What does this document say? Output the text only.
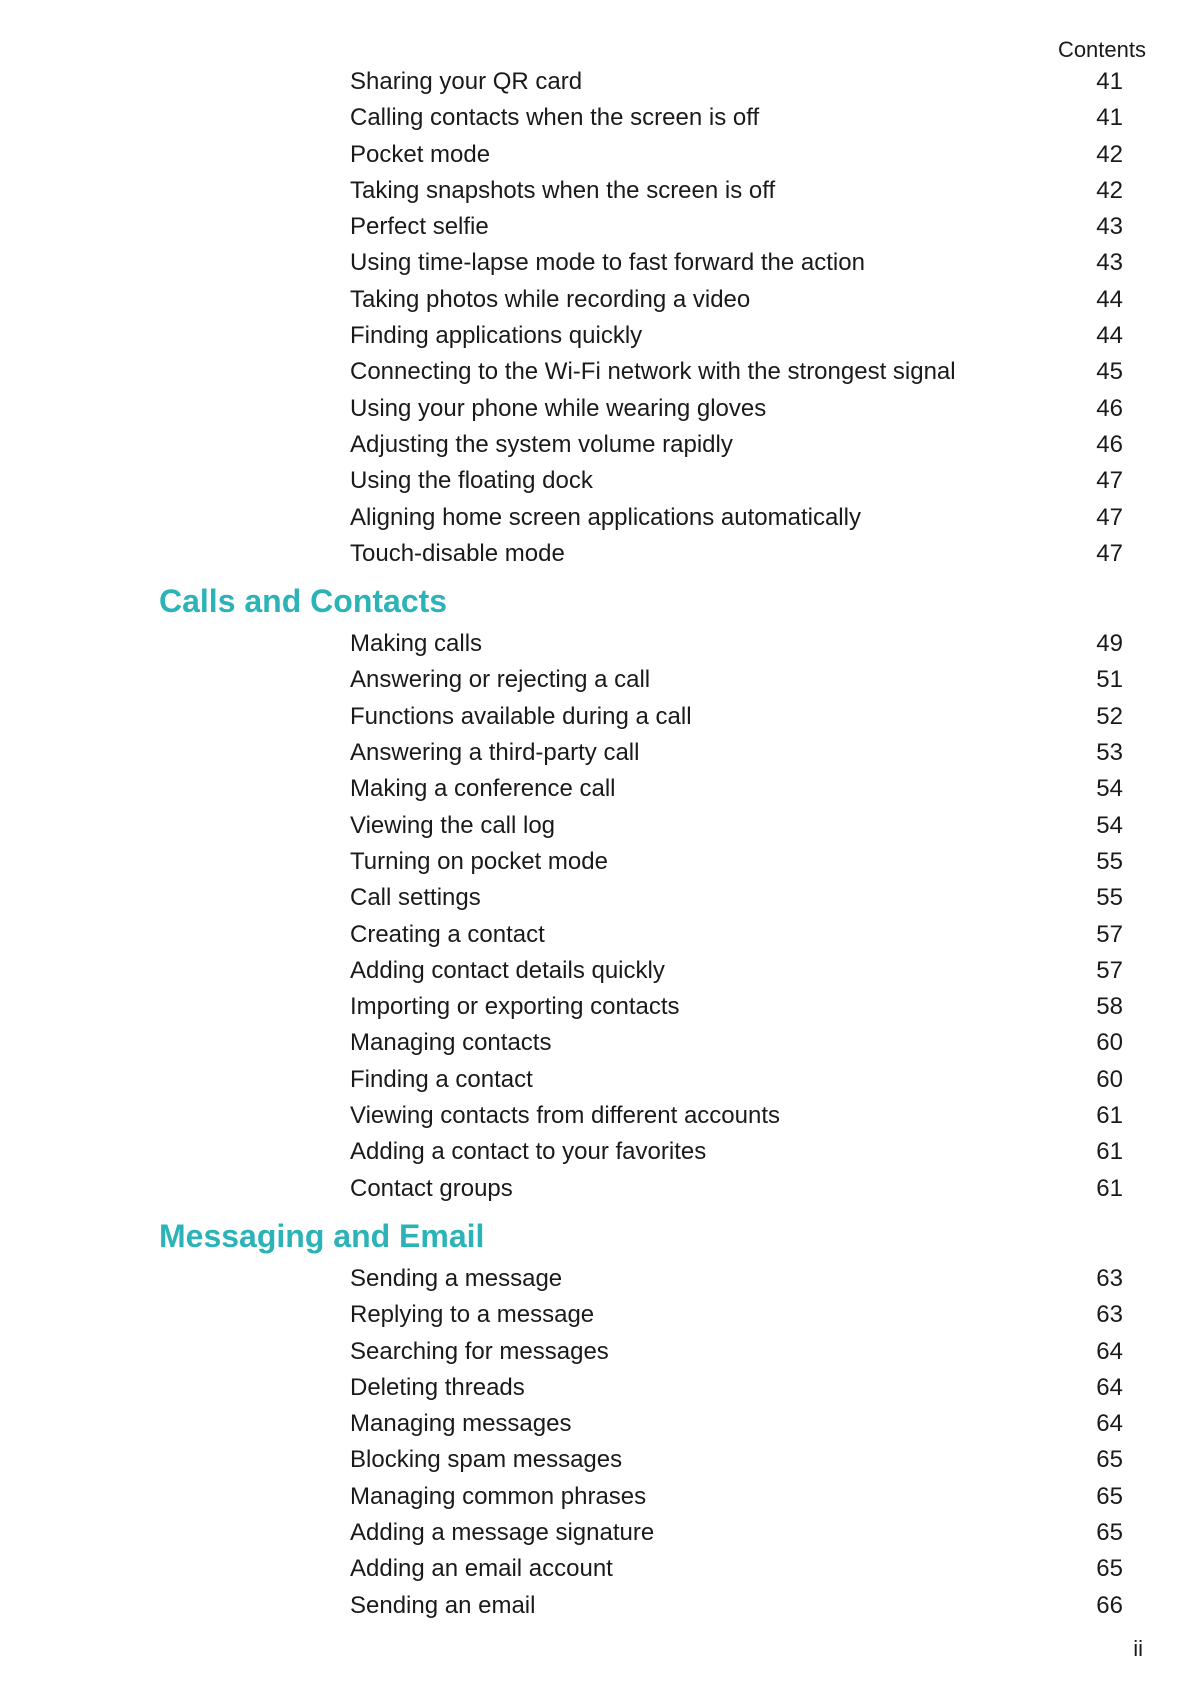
Contents
Sharing your QR card	41
Calling contacts when the screen is off	41
Pocket mode	42
Taking snapshots when the screen is off	42
Perfect selfie	43
Using time-lapse mode to fast forward the action	43
Taking photos while recording a video	44
Finding applications quickly	44
Connecting to the Wi-Fi network with the strongest signal	45
Using your phone while wearing gloves	46
Adjusting the system volume rapidly	46
Using the floating dock	47
Aligning home screen applications automatically	47
Touch-disable mode	47
Calls and Contacts
Making calls	49
Answering or rejecting a call	51
Functions available during a call	52
Answering a third-party call	53
Making a conference call	54
Viewing the call log	54
Turning on pocket mode	55
Call settings	55
Creating a contact	57
Adding contact details quickly	57
Importing or exporting contacts	58
Managing contacts	60
Finding a contact	60
Viewing contacts from different accounts	61
Adding a contact to your favorites	61
Contact groups	61
Messaging and Email
Sending a message	63
Replying to a message	63
Searching for messages	64
Deleting threads	64
Managing messages	64
Blocking spam messages	65
Managing common phrases	65
Adding a message signature	65
Adding an email account	65
Sending an email	66
ii
